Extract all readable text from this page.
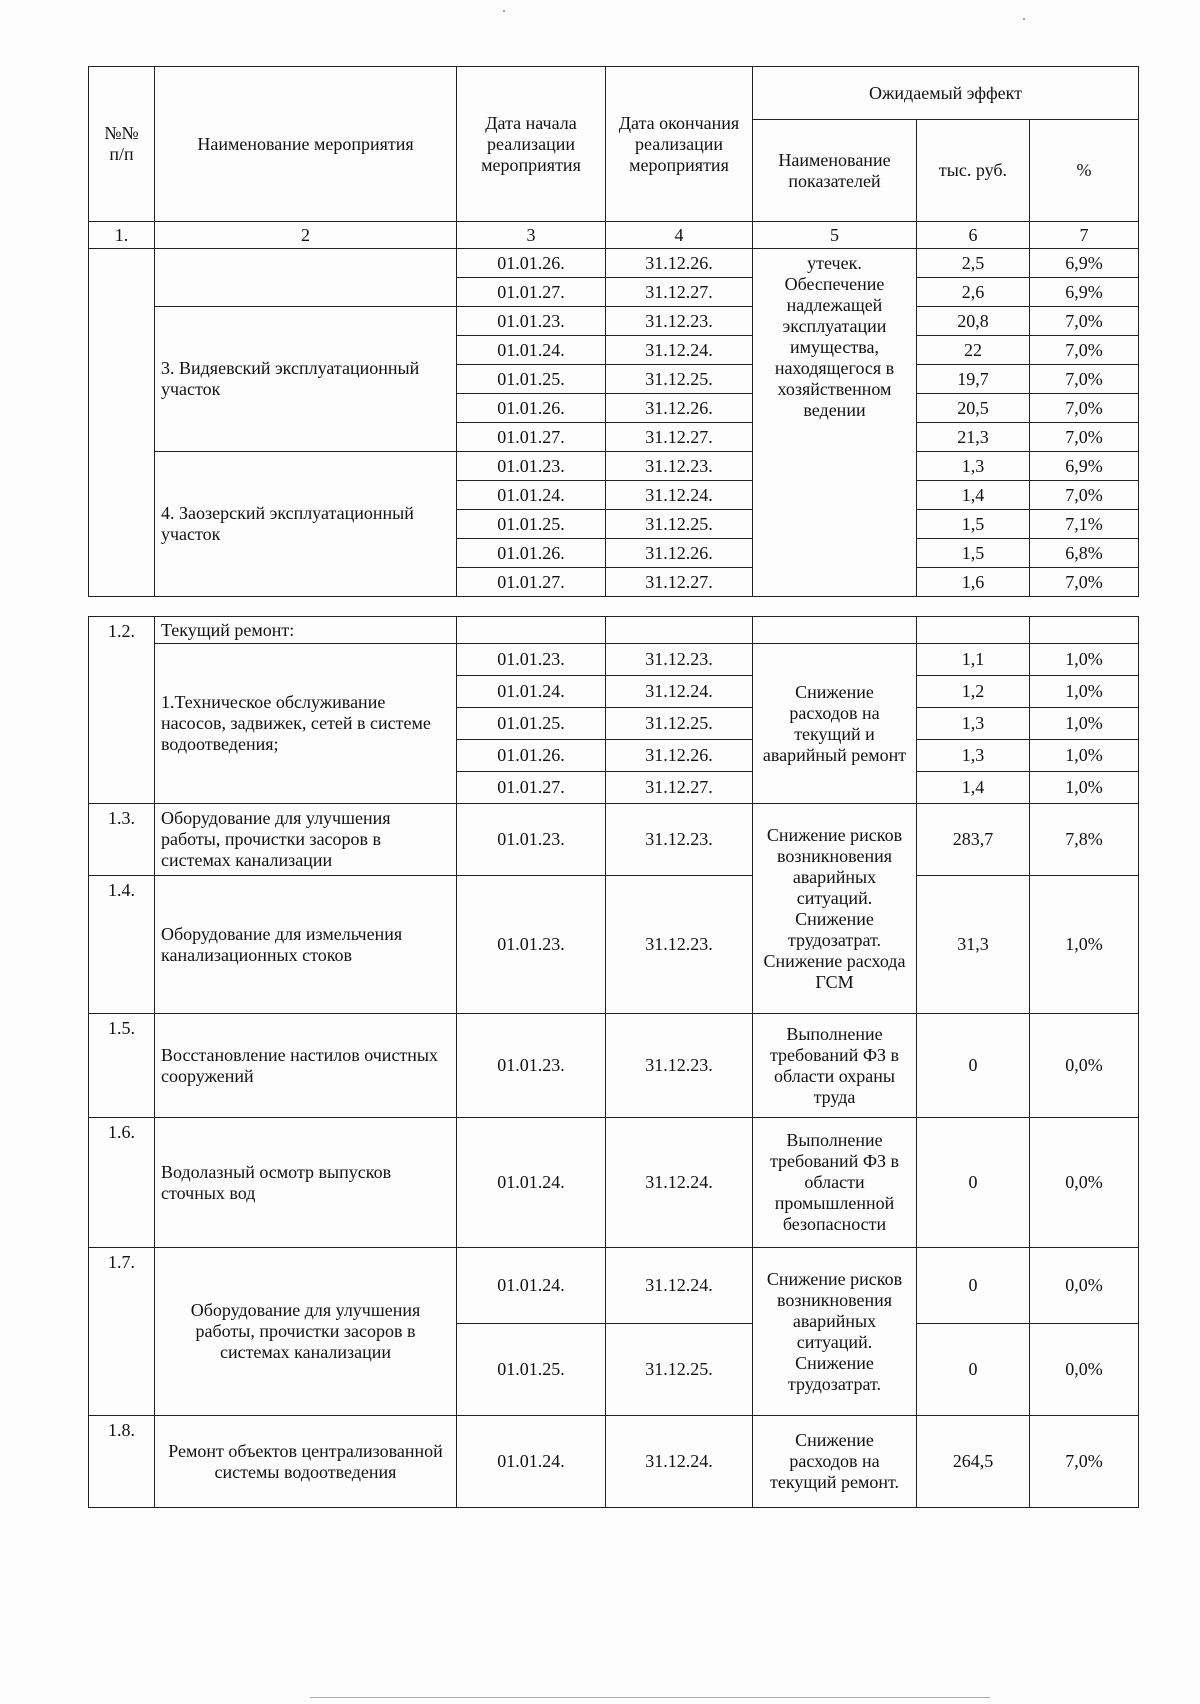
№№ п/п	Наименование мероприятия	Дата начала реализации мероприятия	Дата окончания реализации мероприятия	Ожидаемый эффект		
				Наименование показателей	тыс. руб.	%
1.	2	3	4	5	6	7
		01.01.26.	31.12.26.	утечек. Обеспечение надлежащей эксплуатации имущества, находящегося в хозяйственном ведении	2,5	6,9%
		01.01.27.	31.12.27.		2,6	6,9%
	3. Видяевский эксплуатационный участок	01.01.23.	31.12.23.		20,8	7,0%
		01.01.24.	31.12.24.		22	7,0%
		01.01.25.	31.12.25.		19,7	7,0%
		01.01.26.	31.12.26.		20,5	7,0%
		01.01.27.	31.12.27.		21,3	7,0%
	4. Заозерский эксплуатационный участок	01.01.23.	31.12.23.		1,3	6,9%
		01.01.24.	31.12.24.		1,4	7,0%
		01.01.25.	31.12.25.		1,5	7,1%
		01.01.26.	31.12.26.		1,5	6,8%
		01.01.27.	31.12.27.		1,6	7,0%
1.2.	Текущий ремонт:					
	1.Техническое обслуживание насосов, задвижек, сетей в системе водоотведения;	01.01.23.	31.12.23.	Снижение расходов на текущий и аварийный ремонт	1,1	1,0%
		01.01.24.	31.12.24.		1,2	1,0%
		01.01.25.	31.12.25.		1,3	1,0%
		01.01.26.	31.12.26.		1,3	1,0%
		01.01.27.	31.12.27.		1,4	1,0%
1.3.	Оборудование для улучшения работы, прочистки засоров в системах канализации	01.01.23.	31.12.23.	Снижение рисков возникновения аварийных ситуаций. Снижение трудозатрат. Снижение расхода ГСМ	283,7	7,8%
1.4.	Оборудование для измельчения канализационных стоков	01.01.23.	31.12.23.		31,3	1,0%
1.5.	Восстановление настилов очистных сооружений	01.01.23.	31.12.23.	Выполнение требований ФЗ в области охраны труда	0	0,0%
1.6.	Водолазный осмотр выпусков сточных вод	01.01.24.	31.12.24.	Выполнение требований ФЗ в области промышленной безопасности	0	0,0%
1.7.	Оборудование для улучшения работы, прочистки засоров в системах канализации	01.01.24.	31.12.24.	Снижение рисков возникновения аварийных ситуаций. Снижение трудозатрат.	0	0,0%
		01.01.25.	31.12.25.		0	0,0%
1.8.	Ремонт объектов централизованной системы водоотведения	01.01.24.	31.12.24.	Снижение расходов на текущий ремонт.	264,5	7,0%
